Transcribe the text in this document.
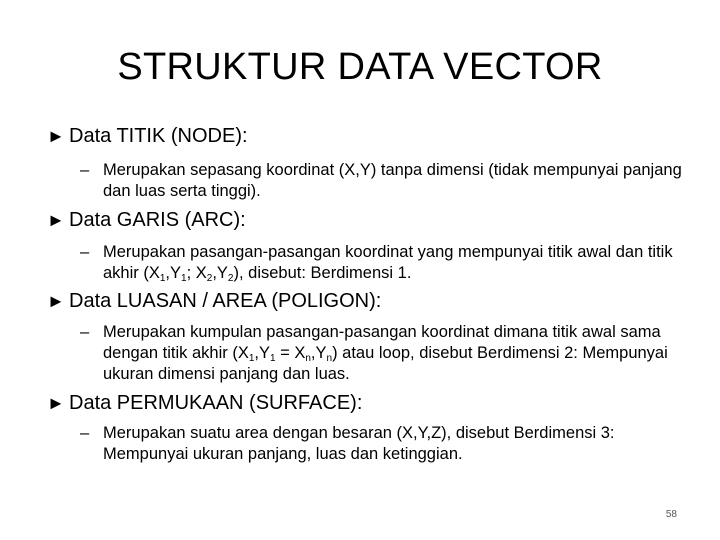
STRUKTUR DATA VECTOR
► Data TITIK (NODE):
– Merupakan sepasang koordinat (X,Y) tanpa dimensi (tidak mempunyai panjang dan luas serta tinggi).
► Data GARIS (ARC):
– Merupakan pasangan-pasangan koordinat yang mempunyai titik awal dan titik akhir ($X_1,Y_1$; $X_2,Y_2$), disebut: Berdimensi 1.
► Data LUASAN / AREA (POLIGON):
– Merupakan kumpulan pasangan-pasangan koordinat dimana titik awal sama dengan titik akhir $(X_1,Y_1 = X_n,Y_n)$ atau loop, disebut Berdimensi 2: Mempunyai ukuran dimensi panjang dan luas.
► Data PERMUKAAN (SURFACE):
– Merupakan suatu area dengan besaran (X,Y,Z), disebut Berdimensi 3: Mempunyai ukuran panjang, luas dan ketinggian.
58
